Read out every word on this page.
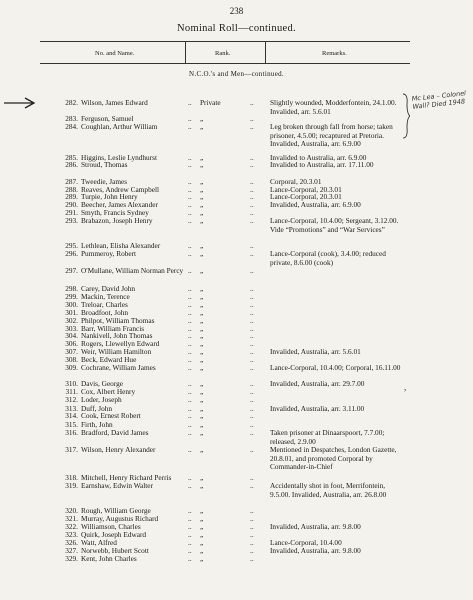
238
Nominal Roll—continued.
No. and Name.	Rank.	Remarks.
N.C.O.'s and Men—continued.
Mc Lea – Colonel Wall? Died 1948
,
282. Wilson, James Edward	.. Private	.. Slightly wounded, Modderfontein, 24.1.00. Invalided, arr. 5.6.01
283. Ferguson, Samuel	.. „	..
284. Coughlan, Arthur William	.. „	.. Leg broken through fall from horse; taken prisoner, 4.5.00; recaptured at Pretoria. Invalided, Australia, arr. 6.9.00
285. Higgins, Leslie Lyndhurst	.. „	.. Invalided to Australia, arr. 6.9.00
286. Stroud, Thomas	.. „	.. Invalided to Australia, arr. 17.11.00
287. Tweedie, James	.. „	.. Corporal, 20.3.01
288. Reaves, Andrew Campbell	.. „	.. Lance-Corporal, 20.3.01
289. Turpie, John Henry	.. „	.. Lance-Corporal, 20.3.01
290. Beecher, James Alexander	.. „	.. Invalided, Australia, arr. 6.9.00
291. Smyth, Francis Sydney	.. „	..
293. Brabazon, Joseph Henry	.. „	.. Lance-Corporal, 10.4.00; Sergeant, 3.12.00. Vide “Promotions” and “War Services”
295. Lethlean, Elisha Alexander	.. „	..
296. Pummeroy, Robert	.. „	.. Lance-Corporal (cook), 3.4.00; reduced private, 8.6.00 (cook)
297. O'Mullane, William Norman Percy .. „	..
298. Carey, David John	.. „	..
299. Mackin, Terence	.. „	..
300. Treloar, Charles	.. „	..
301. Broadfoot, John	.. „	..
302. Philpot, William Thomas	.. „	..
303. Barr, William Francis	.. „	..
304. Nankivell, John Thomas	.. „	..
306. Rogers, Llewellyn Edward	.. „	..
307. Weir, William Hamilton	.. „	.. Invalided, Australia, arr. 5.6.01
308. Beck, Edward Hue	.. „	..
309. Cochrane, William James	.. „	.. Lance-Corporal, 10.4.00; Corporal, 16.11.00
310. Davis, George	.. „	.. Invalided, Australia, arr. 29.7.00
311. Cox, Albert Henry	.. „	..
312. Loder, Joseph	.. „	..
313. Duff, John	.. „	.. Invalided, Australia, arr. 3.11.00
314. Cook, Ernest Robert	.. „	..
315. Firth, John	.. „	..
316. Bradford, David James	.. „	.. Taken prisoner at Dinaarspoort, 7.7.00; released, 2.9.00
317. Wilson, Henry Alexander	.. „	.. Mentioned in Despatches, London Gazette, 20.8.01, and promoted Corporal by Commander-in-Chief
318. Mitchell, Henry Richard Perris .. „	..
319. Earnshaw, Edwin Walter	.. „	.. Accidentally shot in foot, Merrifontein, 9.5.00. Invalided, Australia, arr. 26.8.00
320. Rough, William George	.. „	..
321. Murray, Augustus Richard	.. „	..
322. Williamson, Charles	.. „	.. Invalided, Australia, arr. 9.8.00
323. Quirk, Joseph Edward	.. „	..
326. Watt, Alfred	.. „	.. Lance-Corporal, 10.4.00
327. Norwebb, Hubert Scott	.. „	.. Invalided, Australia, arr. 9.8.00
329. Kent, John Charles	.. „	..
